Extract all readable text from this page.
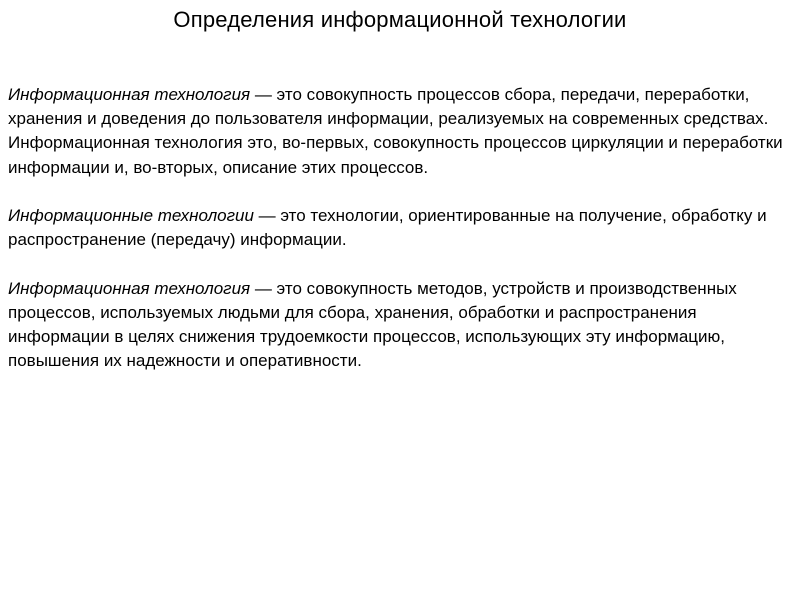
Определения информационной технологии

Информационная технология — это совокупность процессов сбора, передачи, переработки, хранения и доведения до пользователя информации, реализуемых на современных средствах. Информационная технология это, во-первых, совокупность процессов циркуляции и переработки информации и, во-вторых, описание этих процессов.

Информационные технологии — это технологии, ориентированные на получение, обработку и распространение (передачу) информации.

Информационная технология — это совокупность методов, устройств и производственных процессов, используемых людьми для сбора, хранения, обработки и распространения информации в целях снижения трудоемкости процессов, использующих эту информацию, повышения их надежности и оперативности.
